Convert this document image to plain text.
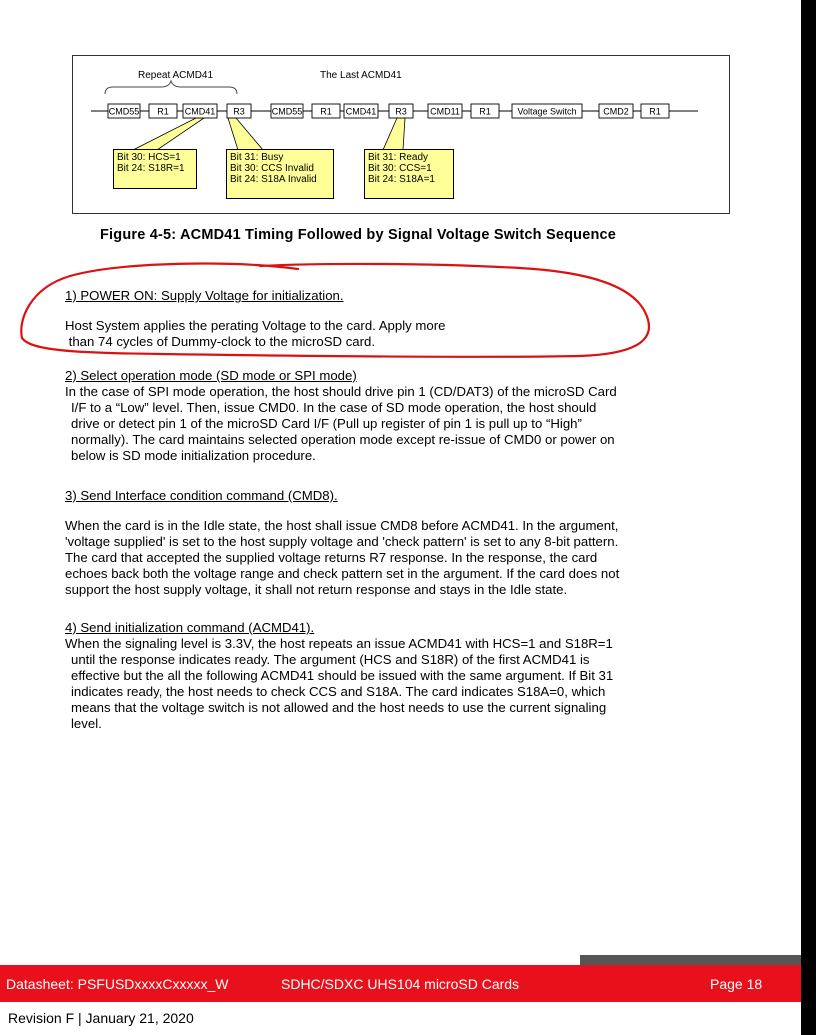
CMD55 R1 CMD41 R3	CMD55 R1 CMD41 R3	CMD11 R1	Voltage Switch	CMD2 R1
Repeat ACMD41	The Last ACMD41
Bit 30: HCS=1
Bit 24: S18R=1
Bit 31: Busy
Bit 30: CCS Invalid
Bit 24: S18A Invalid
Bit 31: Ready
Bit 30: CCS=1
Bit 24: S18A=1
Figure 4-5: ACMD41 Timing Followed by Signal Voltage Switch Sequence
1) POWER ON: Supply Voltage for initialization.
Host System applies the perating Voltage to the card. Apply more
than 74 cycles of Dummy-clock to the microSD card.
2) Select operation mode (SD mode or SPI mode)
In the case of SPI mode operation, the host should drive pin 1 (CD/DAT3) of the microSD Card
I/F to a “Low” level. Then, issue CMD0. In the case of SD mode operation, the host should
drive or detect pin 1 of the microSD Card I/F (Pull up register of pin 1 is pull up to “High”
normally). The card maintains selected operation mode except re-issue of CMD0 or power on
below is SD mode initialization procedure.
3) Send Interface condition command (CMD8).
When the card is in the Idle state, the host shall issue CMD8 before ACMD41. In the argument,
'voltage supplied' is set to the host supply voltage and 'check pattern' is set to any 8-bit pattern.
The card that accepted the supplied voltage returns R7 response. In the response, the card
echoes back both the voltage range and check pattern set in the argument. If the card does not
support the host supply voltage, it shall not return response and stays in the Idle state.
4) Send initialization command (ACMD41).
When the signaling level is 3.3V, the host repeats an issue ACMD41 with HCS=1 and S18R=1
until the response indicates ready. The argument (HCS and S18R) of the first ACMD41 is
effective but the all the following ACMD41 should be issued with the same argument. If Bit 31
indicates ready, the host needs to check CCS and S18A. The card indicates S18A=0, which
means that the voltage switch is not allowed and the host needs to use the current signaling
level.
Datasheet: PSFUSDxxxxCxxxxx_W	SDHC/SDXC UHS104 microSD Cards	Page 18
Revision F | January 21, 2020
